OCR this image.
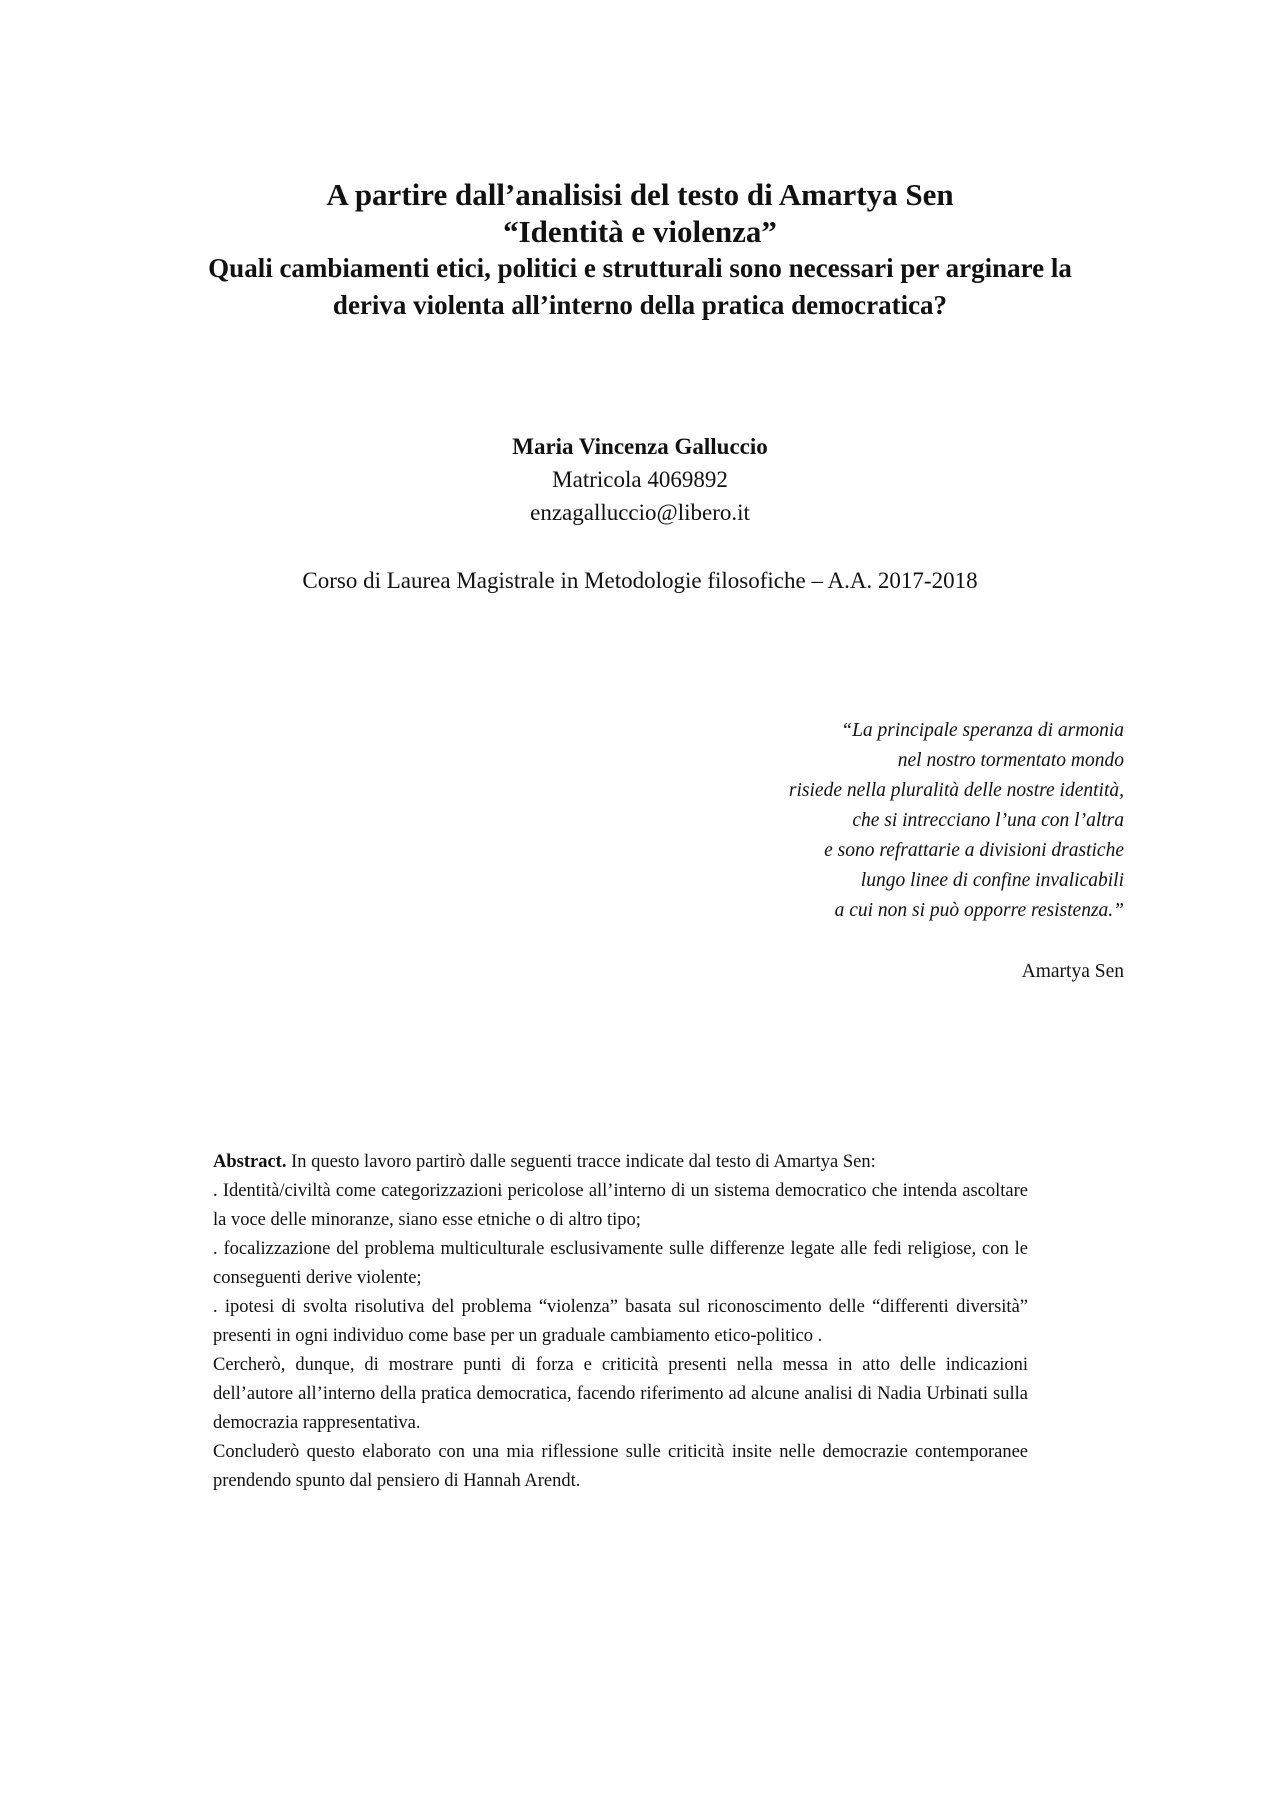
A partire dall’analisisi del testo di Amartya Sen

“Identità e violenza”

Quali cambiamenti etici, politici e strutturali sono necessari per arginare la

deriva violenta all’interno della pratica democratica?

Maria Vincenza Galluccio
Matricola 4069892
enzagalluccio@libero.it
Corso di Laurea Magistrale in Metodologie filosofiche – A.A. 2017-2018
“La principale speranza di armonia
nel nostro tormentato mondo
risiede nella pluralità delle nostre identità,
che si intrecciano l’una con l’altra
e sono refrattarie a divisioni drastiche
lungo linee di confine invalicabili
a cui non si può opporre resistenza.”
Amartya Sen

Abstract. In questo lavoro partirò dalle seguenti tracce indicate dal testo di Amartya Sen:

. Identità/civiltà come categorizzazioni pericolose all’interno di un sistema democratico che intenda ascoltare la voce delle minoranze, siano esse etniche o di altro tipo;

. focalizzazione del problema multiculturale esclusivamente sulle differenze legate alle fedi religiose, con le conseguenti derive violente;

. ipotesi di svolta risolutiva del problema “violenza” basata sul riconoscimento delle “differenti diversità” presenti in ogni individuo come base per un graduale cambiamento etico-politico .

Cercherò, dunque, di mostrare punti di forza e criticità presenti nella messa in atto delle indicazioni dell’autore all’interno della pratica democratica, facendo riferimento ad alcune analisi di Nadia Urbinati sulla democrazia rappresentativa.

Concluderò questo elaborato con una mia riflessione sulle criticità insite nelle democrazie contemporanee prendendo spunto dal pensiero di Hannah Arendt.
